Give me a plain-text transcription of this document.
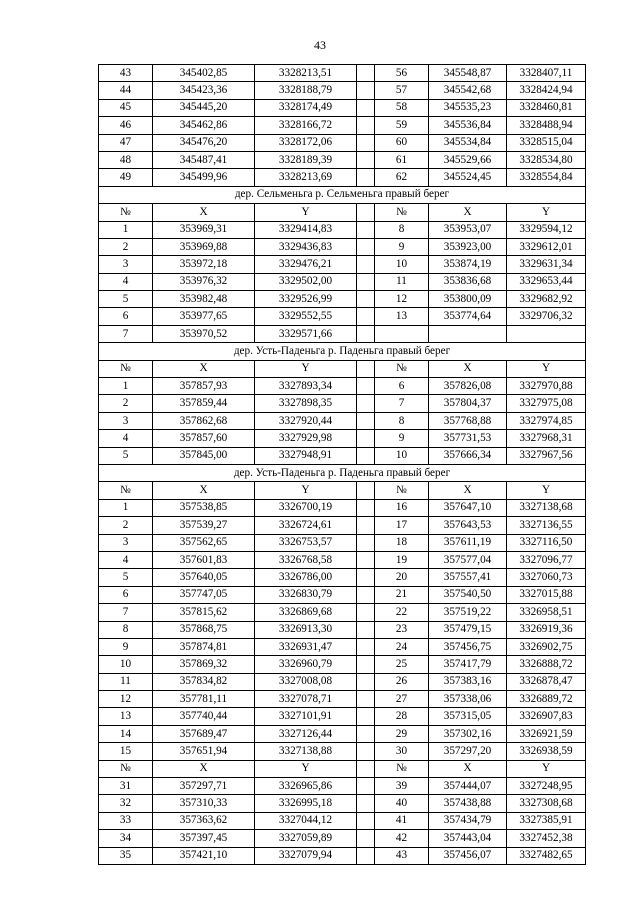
43
43	345402,85	3328213,51		56	345548,87	3328407,11
44	345423,36	3328188,79		57	345542,68	3328424,94
45	345445,20	3328174,49		58	345535,23	3328460,81
46	345462,86	3328166,72		59	345536,84	3328488,94
47	345476,20	3328172,06		60	345534,84	3328515,04
48	345487,41	3328189,39		61	345529,66	3328534,80
49	345499,96	3328213,69		62	345524,45	3328554,84
дер. Сельменьга р. Сельменьга правый берег						
№	X	Y		№	X	Y
1	353969,31	3329414,83		8	353953,07	3329594,12
2	353969,88	3329436,83		9	353923,00	3329612,01
3	353972,18	3329476,21		10	353874,19	3329631,34
4	353976,32	3329502,00		11	353836,68	3329653,44
5	353982,48	3329526,99		12	353800,09	3329682,92
6	353977,65	3329552,55		13	353774,64	3329706,32
7	353970,52	3329571,66				
дер. Усть-Паденьга р. Паденьга правый берег						
№	X	Y		№	X	Y
1	357857,93	3327893,34		6	357826,08	3327970,88
2	357859,44	3327898,35		7	357804,37	3327975,08
3	357862,68	3327920,44		8	357768,88	3327974,85
4	357857,60	3327929,98		9	357731,53	3327968,31
5	357845,00	3327948,91		10	357666,34	3327967,56
дер. Усть-Паденьга р. Паденьга правый берег						
№	X	Y		№	X	Y
1	357538,85	3326700,19		16	357647,10	3327138,68
2	357539,27	3326724,61		17	357643,53	3327136,55
3	357562,65	3326753,57		18	357611,19	3327116,50
4	357601,83	3326768,58		19	357577,04	3327096,77
5	357640,05	3326786,00		20	357557,41	3327060,73
6	357747,05	3326830,79		21	357540,50	3327015,88
7	357815,62	3326869,68		22	357519,22	3326958,51
8	357868,75	3326913,30		23	357479,15	3326919,36
9	357874,81	3326931,47		24	357456,75	3326902,75
10	357869,32	3326960,79		25	357417,79	3326888,72
11	357834,82	3327008,08		26	357383,16	3326878,47
12	357781,11	3327078,71		27	357338,06	3326889,72
13	357740,44	3327101,91		28	357315,05	3326907,83
14	357689,47	3327126,44		29	357302,16	3326921,59
15	357651,94	3327138,88		30	357297,20	3326938,59
№	X	Y		№	X	Y
31	357297,71	3326965,86		39	357444,07	3327248,95
32	357310,33	3326995,18		40	357438,88	3327308,68
33	357363,62	3327044,12		41	357434,79	3327385,91
34	357397,45	3327059,89		42	357443,04	3327452,38
35	357421,10	3327079,94		43	357456,07	3327482,65
